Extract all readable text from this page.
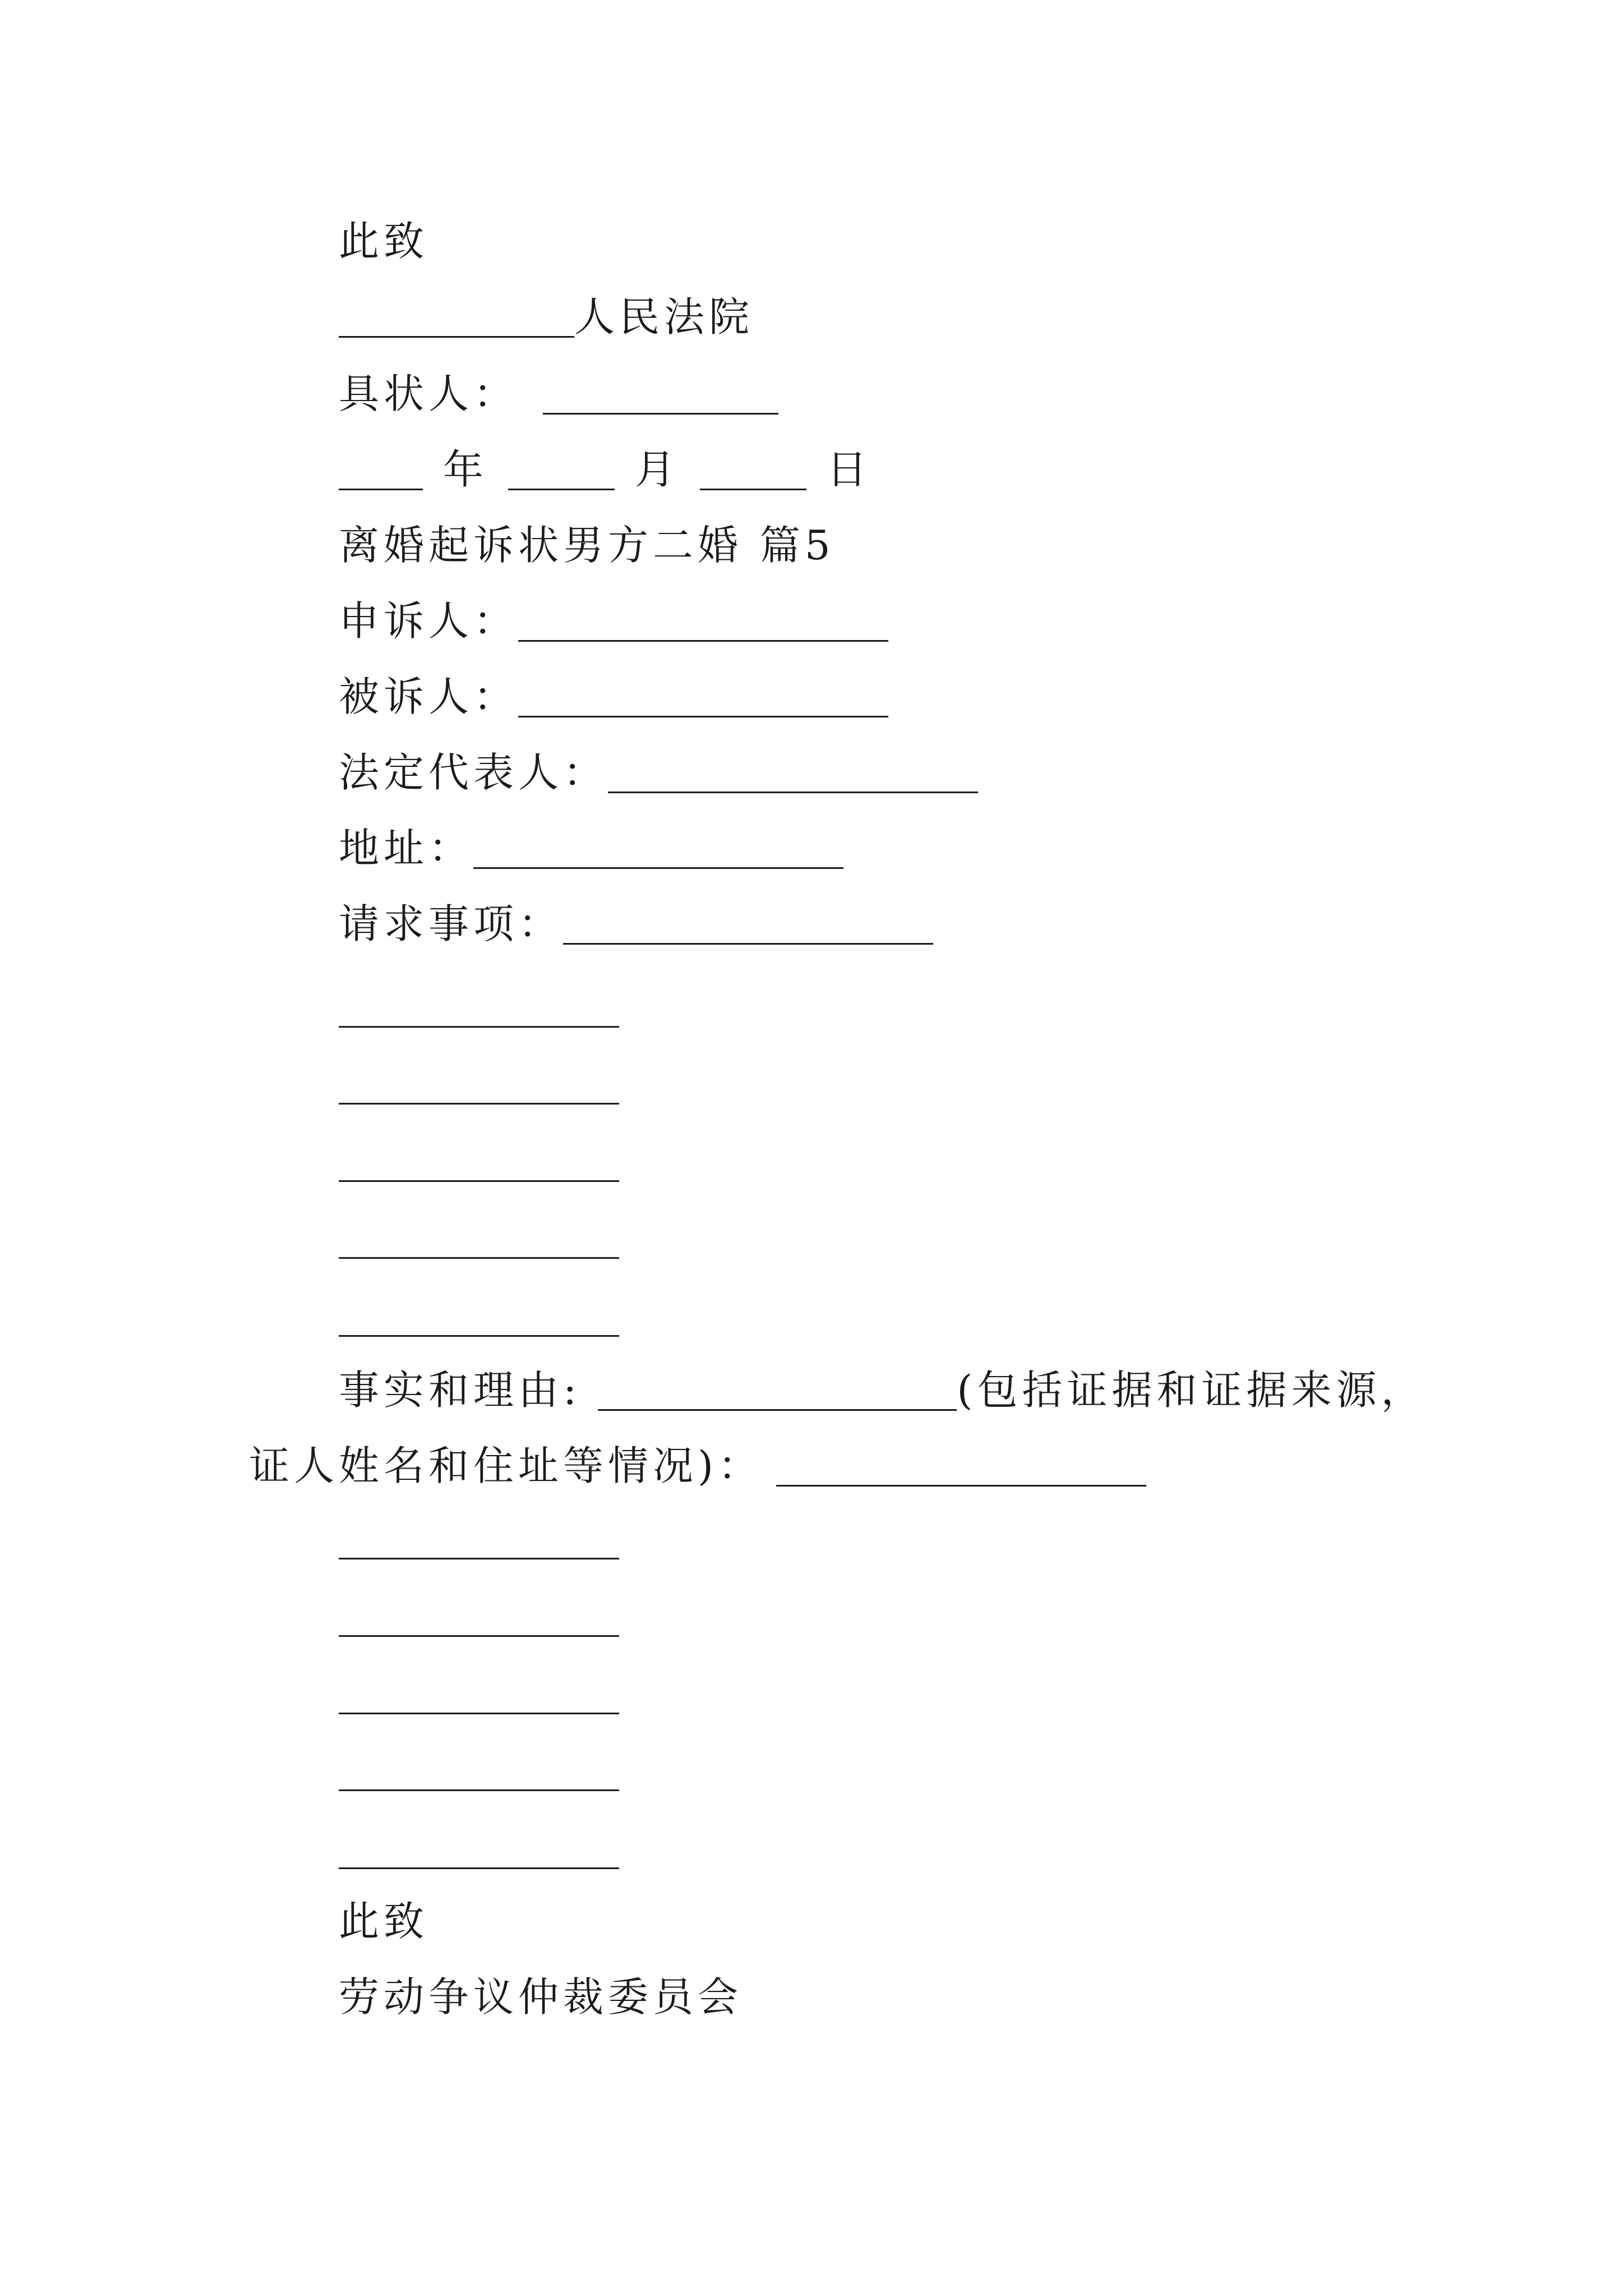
此致
人民法院
具状人：
年	月	日
离婚起诉状男方二婚 篇5
申诉人：
被诉人：
法定代表人：
地址：
请求事项：
事实和理由:	(包括证据和证据来源，
证人姓名和住址等情况)：
此致
劳动争议仲裁委员会
